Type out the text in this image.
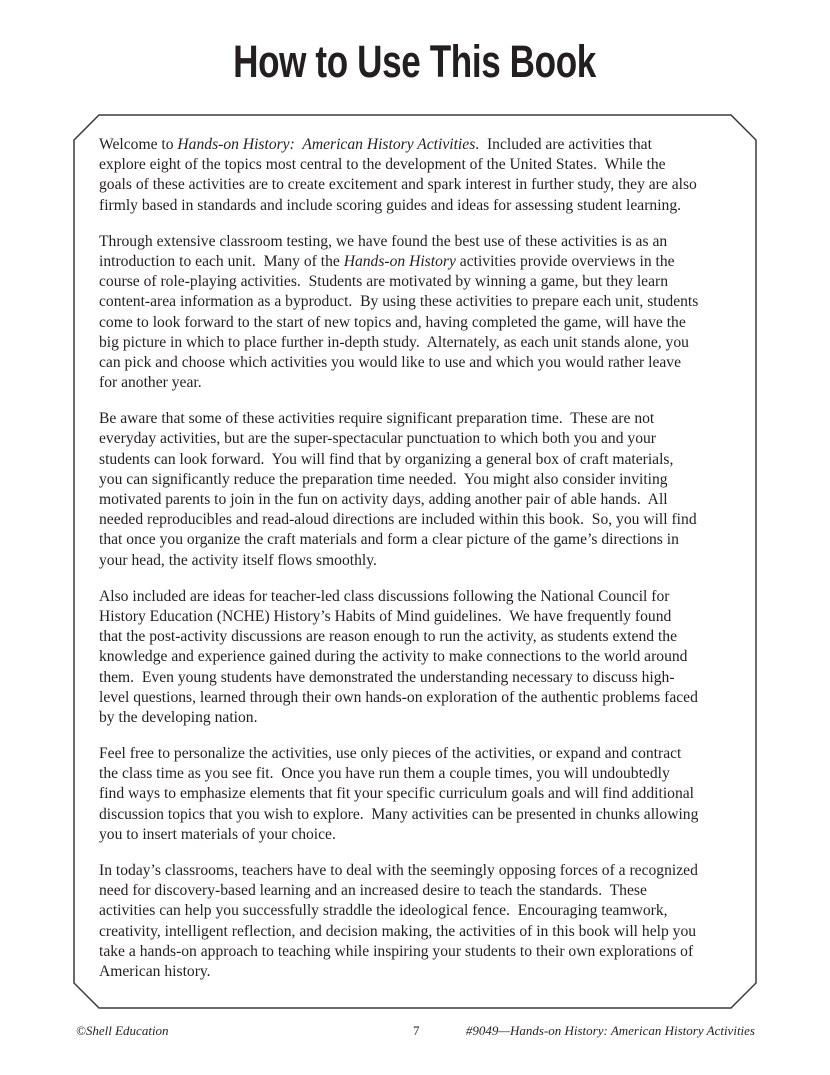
How to Use This Book
Welcome to Hands-on History:  American History Activities.  Included are activities that
explore eight of the topics most central to the development of the United States.  While the
goals of these activities are to create excitement and spark interest in further study, they are also
firmly based in standards and include scoring guides and ideas for assessing student learning.
Through extensive classroom testing, we have found the best use of these activities is as an
introduction to each unit.  Many of the Hands-on History activities provide overviews in the
course of role-playing activities.  Students are motivated by winning a game, but they learn
content-area information as a byproduct.  By using these activities to prepare each unit, students
come to look forward to the start of new topics and, having completed the game, will have the
big picture in which to place further in-depth study.  Alternately, as each unit stands alone, you
can pick and choose which activities you would like to use and which you would rather leave
for another year.
Be aware that some of these activities require significant preparation time.  These are not
everyday activities, but are the super-spectacular punctuation to which both you and your
students can look forward.  You will find that by organizing a general box of craft materials,
you can significantly reduce the preparation time needed.  You might also consider inviting
motivated parents to join in the fun on activity days, adding another pair of able hands.  All
needed reproducibles and read-aloud directions are included within this book.  So, you will find
that once you organize the craft materials and form a clear picture of the game’s directions in
your head, the activity itself flows smoothly.
Also included are ideas for teacher-led class discussions following the National Council for
History Education (NCHE) History’s Habits of Mind guidelines.  We have frequently found
that the post-activity discussions are reason enough to run the activity, as students extend the
knowledge and experience gained during the activity to make connections to the world around
them.  Even young students have demonstrated the understanding necessary to discuss high-
level questions, learned through their own hands-on exploration of the authentic problems faced
by the developing nation.
Feel free to personalize the activities, use only pieces of the activities, or expand and contract
the class time as you see fit.  Once you have run them a couple times, you will undoubtedly
find ways to emphasize elements that fit your specific curriculum goals and will find additional
discussion topics that you wish to explore.  Many activities can be presented in chunks allowing
you to insert materials of your choice.
In today’s classrooms, teachers have to deal with the seemingly opposing forces of a recognized
need for discovery-based learning and an increased desire to teach the standards.  These
activities can help you successfully straddle the ideological fence.  Encouraging teamwork,
creativity, intelligent reflection, and decision making, the activities of in this book will help you
take a hands-on approach to teaching while inspiring your students to their own explorations of
American history.
©Shell Education	7	#9049—Hands-on History: American History Activities
